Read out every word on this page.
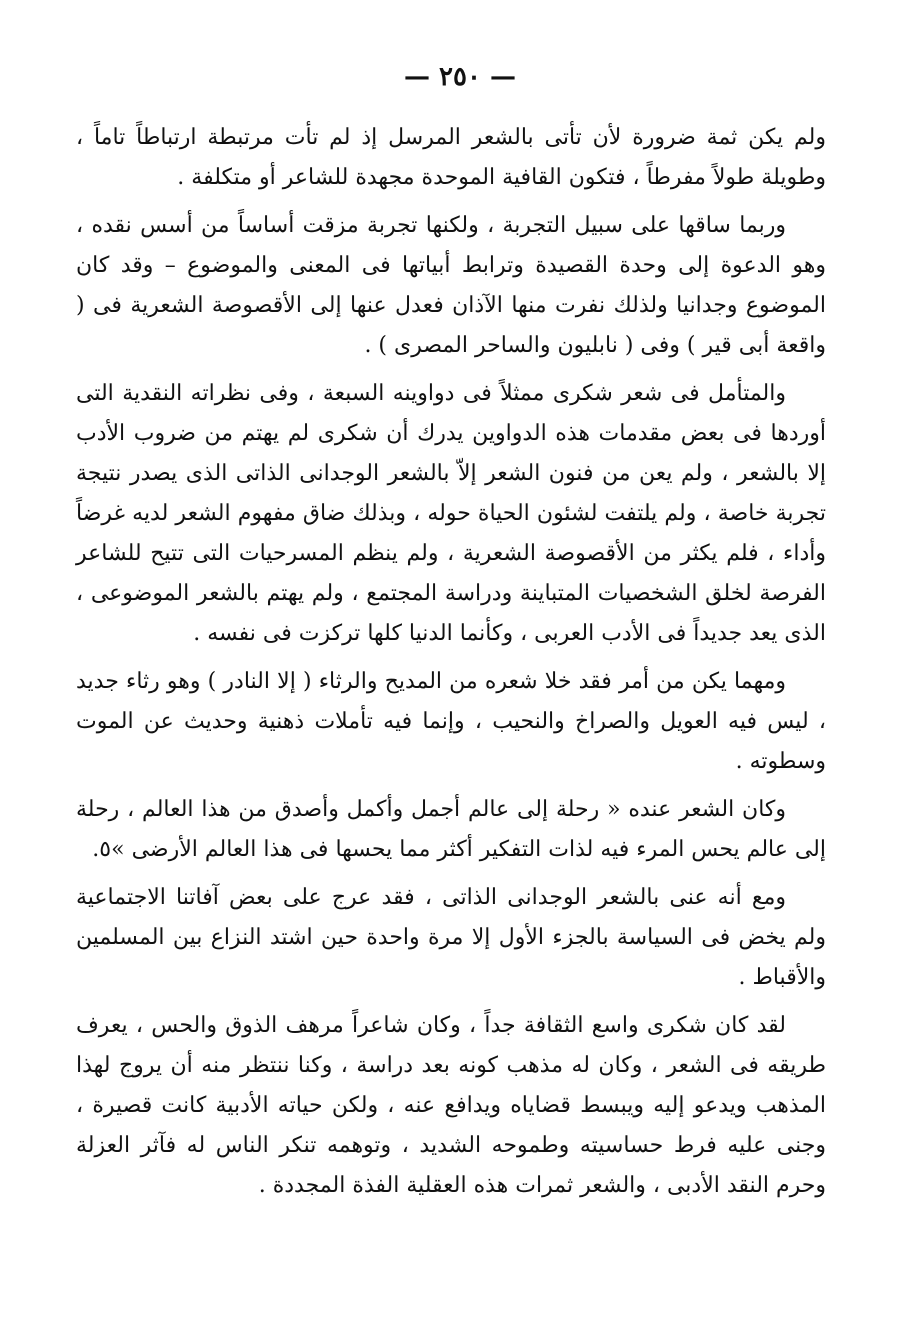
— ٢٥٠ —

ولم يكن ثمة ضرورة لأن تأتى بالشعر المرسل إذ لم تأت مرتبطة ارتباطاً تاماً ، وطويلة طولاً مفرطاً ، فتكون القافية الموحدة مجهدة للشاعر أو متكلفة .

وربما ساقها على سبيل التجربة ، ولكنها تجربة مزقت أساساً من أسس نقده ، وهو الدعوة إلى وحدة القصيدة وترابط أبياتها فى المعنى والموضوع – وقد كان الموضوع وجدانيا ولذلك نفرت منها الآذان فعدل عنها إلى الأقصوصة الشعرية فى ( واقعة أبى قير ) وفى ( نابليون والساحر المصرى ) .

والمتأمل فى شعر شكرى ممثلاً فى دواوينه السبعة ، وفى نظراته النقدية التى أوردها فى بعض مقدمات هذه الدواوين يدرك أن شكرى لم يهتم من ضروب الأدب إلا بالشعر ، ولم يعن من فنون الشعر إلاّ بالشعر الوجدانى الذاتى الذى يصدر نتيجة تجربة خاصة ، ولم يلتفت لشئون الحياة حوله ، وبذلك ضاق مفهوم الشعر لديه غرضاً وأداء ، فلم يكثر من الأقصوصة الشعرية ، ولم ينظم المسرحيات التى تتيح للشاعر الفرصة لخلق الشخصيات المتباينة ودراسة المجتمع ، ولم يهتم بالشعر الموضوعى ، الذى يعد جديداً فى الأدب العربى ، وكأنما الدنيا كلها تركزت فى نفسه .

ومهما يكن من أمر فقد خلا شعره من المديح والرثاء ( إلا النادر ) وهو رثاء جديد ، ليس فيه العويل والصراخ والنحيب ، وإنما فيه تأملات ذهنية وحديث عن الموت وسطوته .

وكان الشعر عنده « رحلة إلى عالم أجمل وأكمل وأصدق من هذا العالم ، رحلة إلى عالم يحس المرء فيه لذات التفكير أكثر مما يحسها فى هذا العالم الأرضى »٥.

ومع أنه عنى بالشعر الوجدانى الذاتى ، فقد عرج على بعض آفاتنا الاجتماعية ولم يخض فى السياسة بالجزء الأول إلا مرة واحدة حين اشتد النزاع بين المسلمين والأقباط .

لقد كان شكرى واسع الثقافة جداً ، وكان شاعراً مرهف الذوق والحس ، يعرف طريقه فى الشعر ، وكان له مذهب كونه بعد دراسة ، وكنا ننتظر منه أن يروج لهذا المذهب ويدعو إليه ويبسط قضاياه ويدافع عنه ، ولكن حياته الأدبية كانت قصيرة ، وجنى عليه فرط حساسيته وطموحه الشديد ، وتوهمه تنكر الناس له فآثر العزلة وحرم النقد الأدبى ، والشعر ثمرات هذه العقلية الفذة المجددة .
